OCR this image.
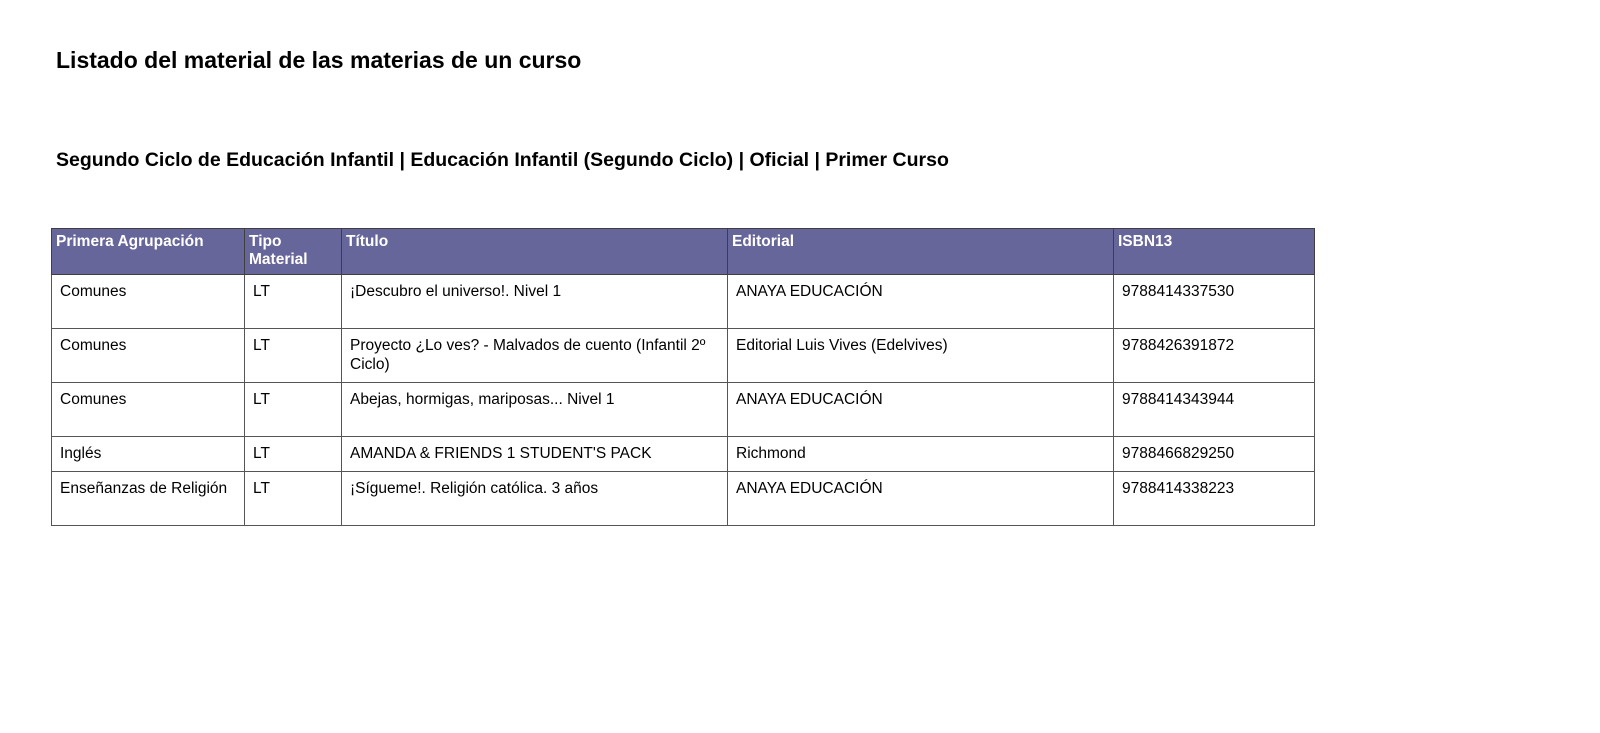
Listado del material de las materias de un curso
Segundo Ciclo de Educación Infantil | Educación Infantil (Segundo Ciclo) | Oficial | Primer Curso
Primera Agrupación	Tipo Material	Título	Editorial	ISBN13
Comunes	LT	¡Descubro el universo!. Nivel 1	ANAYA EDUCACIÓN	9788414337530
Comunes	LT	Proyecto ¿Lo ves? - Malvados de cuento (Infantil 2º Ciclo)	Editorial Luis Vives (Edelvives)	9788426391872
Comunes	LT	Abejas, hormigas, mariposas... Nivel 1	ANAYA EDUCACIÓN	9788414343944
Inglés	LT	AMANDA & FRIENDS 1 STUDENT'S PACK	Richmond	9788466829250
Enseñanzas de Religión	LT	¡Sígueme!. Religión católica. 3 años	ANAYA EDUCACIÓN	9788414338223
